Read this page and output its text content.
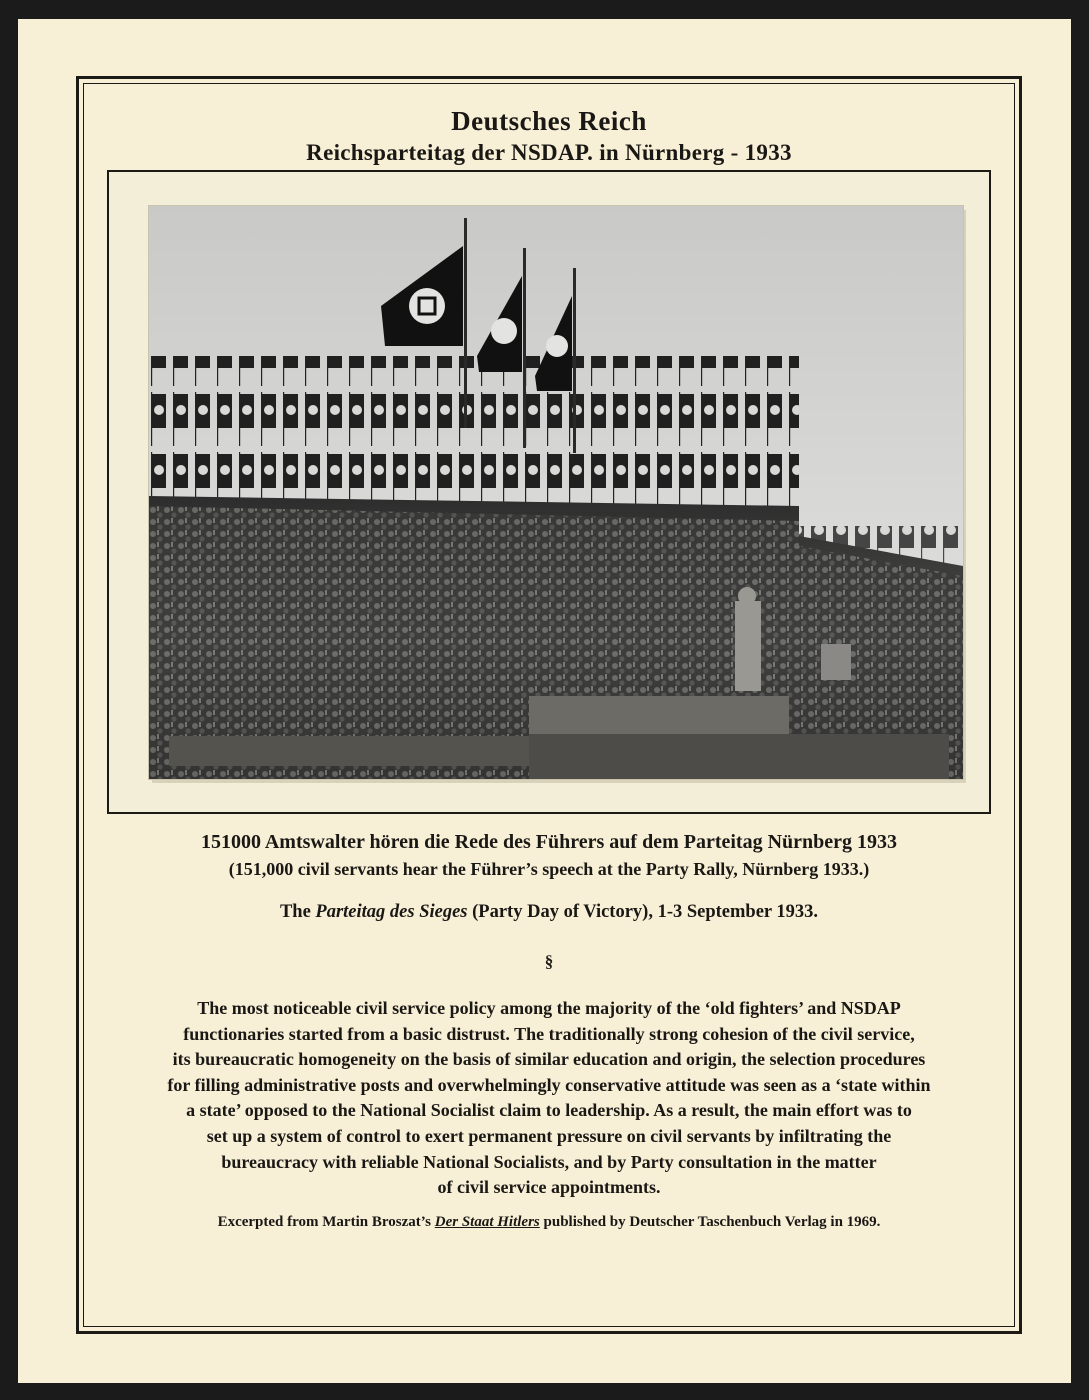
Deutsches Reich
Reichsparteitag der NSDAP. in Nürnberg - 1933
151000 Amtswalter hören die Rede des Führers auf dem Parteitag Nürnberg 1933
(151,000 civil servants hear the Führer’s speech at the Party Rally, Nürnberg 1933.)
The Parteitag des Sieges (Party Day of Victory), 1-3 September 1933.
§
The most noticeable civil service policy among the majority of the ‘old fighters’ and NSDAP
functionaries started from a basic distrust. The traditionally strong cohesion of the civil service,
its bureaucratic homogeneity on the basis of similar education and origin, the selection procedures
for filling administrative posts and overwhelmingly conservative attitude was seen as a ‘state within
a state’ opposed to the National Socialist claim to leadership. As a result, the main effort was to
set up a system of control to exert permanent pressure on civil servants by infiltrating the
bureaucracy with reliable National Socialists, and by Party consultation in the matter
of civil service appointments.
Excerpted from Martin Broszat’s Der Staat Hitlers published by Deutscher Taschenbuch Verlag in 1969.
